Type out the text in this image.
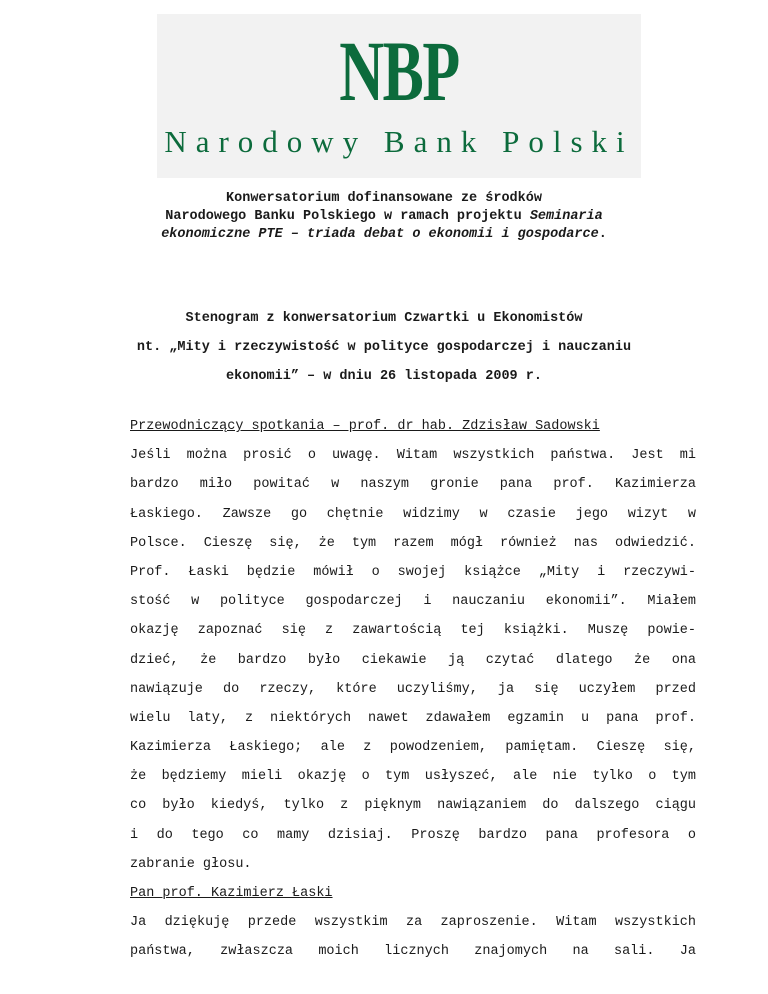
NBP
Narodowy Bank Polski
Konwersatorium dofinansowane ze środków
Narodowego Banku Polskiego w ramach projektu Seminaria
ekonomiczne PTE – triada debat o ekonomii i gospodarce.
Stenogram z konwersatorium Czwartki u Ekonomistów
nt. „Mity i rzeczywistość w polityce gospodarczej i nauczaniu
ekonomii” – w dniu 26 listopada 2009 r.
Przewodniczący spotkania – prof. dr hab. Zdzisław Sadowski
Jeśli można prosić o uwagę. Witam wszystkich państwa. Jest mi
bardzo miło powitać w naszym gronie pana prof. Kazimierza
Łaskiego. Zawsze go chętnie widzimy w czasie jego wizyt w
Polsce. Cieszę się, że tym razem mógł również nas odwiedzić.
Prof. Łaski będzie mówił o swojej książce „Mity i rzeczywi-
stość w polityce gospodarczej i nauczaniu ekonomii”. Miałem
okazję zapoznać się z zawartością tej książki. Muszę powie-
dzieć, że bardzo było ciekawie ją czytać dlatego że ona
nawiązuje do rzeczy, które uczyliśmy, ja się uczyłem przed
wielu laty, z niektórych nawet zdawałem egzamin u pana prof.
Kazimierza Łaskiego; ale z powodzeniem, pamiętam. Cieszę się,
że będziemy mieli okazję o tym usłyszeć, ale nie tylko o tym
co było kiedyś, tylko z pięknym nawiązaniem do dalszego ciągu
i do tego co mamy dzisiaj. Proszę bardzo pana profesora o
zabranie głosu.
Pan prof. Kazimierz Łaski
Ja dziękuję przede wszystkim za zaproszenie. Witam wszystkich
państwa, zwłaszcza moich licznych znajomych na sali. Ja
